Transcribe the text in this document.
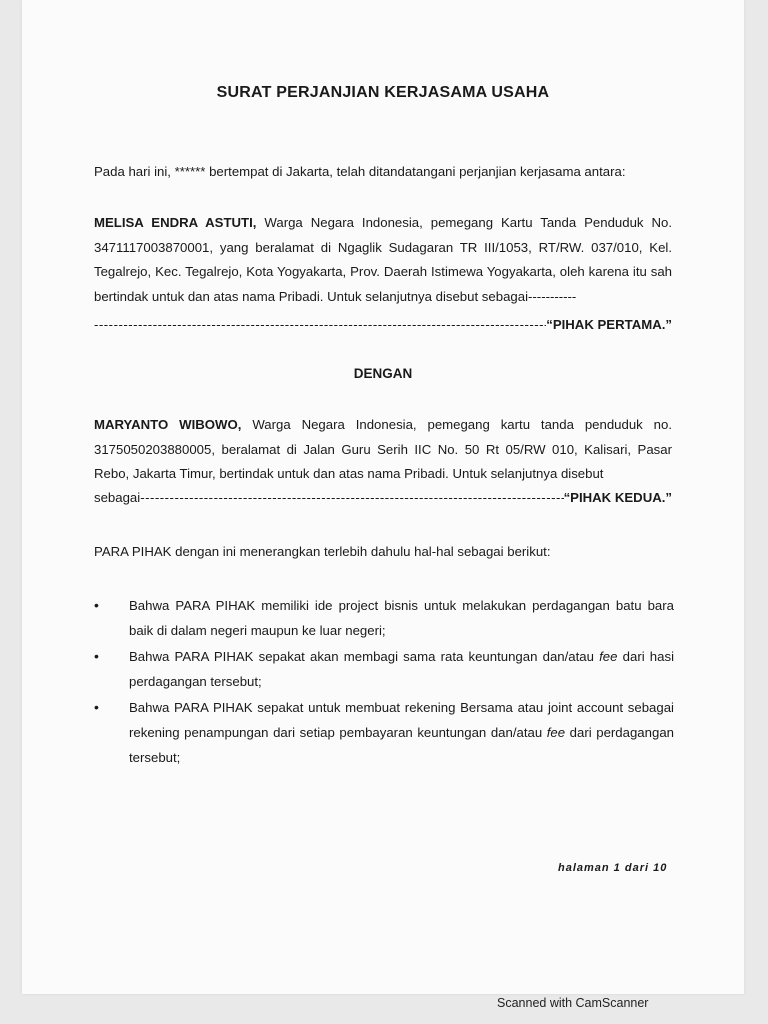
SURAT PERJANJIAN KERJASAMA USAHA
Pada hari ini, ****** bertempat di Jakarta, telah ditandatangani perjanjian kerjasama antara:
MELISA ENDRA ASTUTI, Warga Negara Indonesia, pemegang Kartu Tanda Penduduk No. 3471117003870001, yang beralamat di Ngaglik Sudagaran TR III/1053, RT/RW. 037/010, Kel. Tegalrejo, Kec. Tegalrejo, Kota Yogyakarta, Prov. Daerah Istimewa Yogyakarta, oleh karena itu sah bertindak untuk dan atas nama Pribadi. Untuk selanjutnya disebut sebagai-----------
-----
“PIHAK PERTAMA.”
DENGAN
MARYANTO WIBOWO, Warga Negara Indonesia, pemegang kartu tanda penduduk no. 3175050203880005, beralamat di Jalan Guru Serih IIC No. 50 Rt 05/RW 010, Kalisari, Pasar Rebo, Jakarta Timur, bertindak untuk dan atas nama Pribadi. Untuk selanjutnya disebut
sebagai
-----	“PIHAK KEDUA.”
PARA PIHAK dengan ini menerangkan terlebih dahulu hal-hal sebagai berikut:
• Bahwa PARA PIHAK memiliki ide project bisnis untuk melakukan perdagangan batu bara baik di dalam negeri maupun ke luar negeri;
• Bahwa PARA PIHAK sepakat akan membagi sama rata keuntungan dan/atau fee dari hasi perdagangan tersebut;
• Bahwa PARA PIHAK sepakat untuk membuat rekening Bersama atau joint account sebagai rekening penampungan dari setiap pembayaran keuntungan dan/atau fee dari perdagangan tersebut;
halaman 1 dari 10
Scanned with CamScanner
